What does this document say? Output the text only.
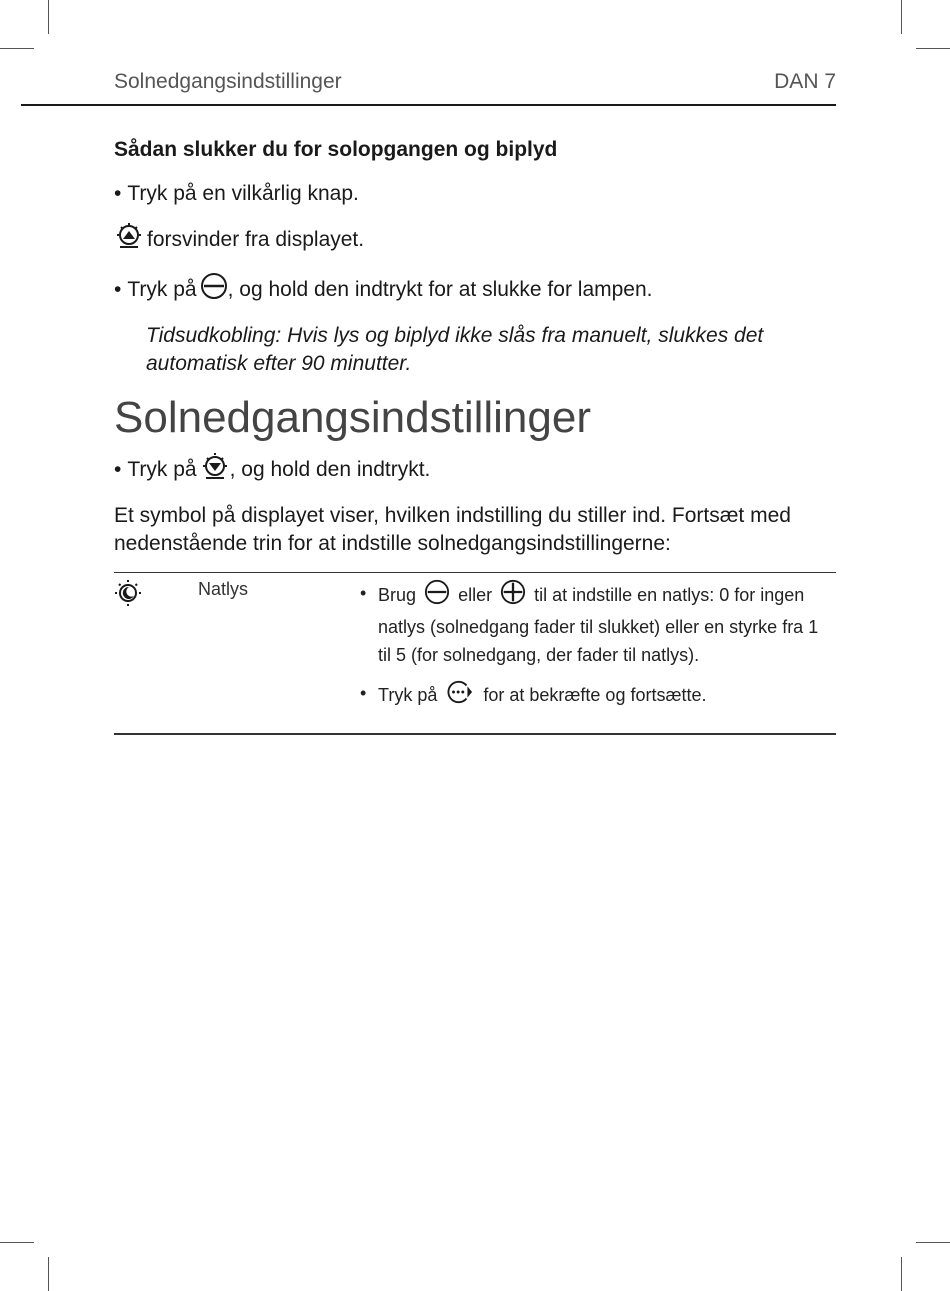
Solnedgangsindstillinger	DAN 7
Sådan slukker du for solopgangen og biplyd
• Tryk på en vilkårlig knap.
forsvinder fra displayet.
• Tryk på , og hold den indtrykt for at slukke for lampen.
Tidsudkobling: Hvis lys og biplyd ikke slås fra manuelt, slukkes det automatisk efter 90 minutter.
Solnedgangsindstillinger
• Tryk på , og hold den indtrykt.
Et symbol på displayet viser, hvilken indstilling du stiller ind. Fortsæt med nedenstående trin for at indstille solnedgangsindstillingerne:
	Natlys	• Brug eller til at indstille en natlys: 0 for ingen natlys (solnedgang fader til slukket) eller en styrke fra 1 til 5 (for solnedgang, der fader til natlys).
• Tryk på	for at bekræfte og fortsætte.
